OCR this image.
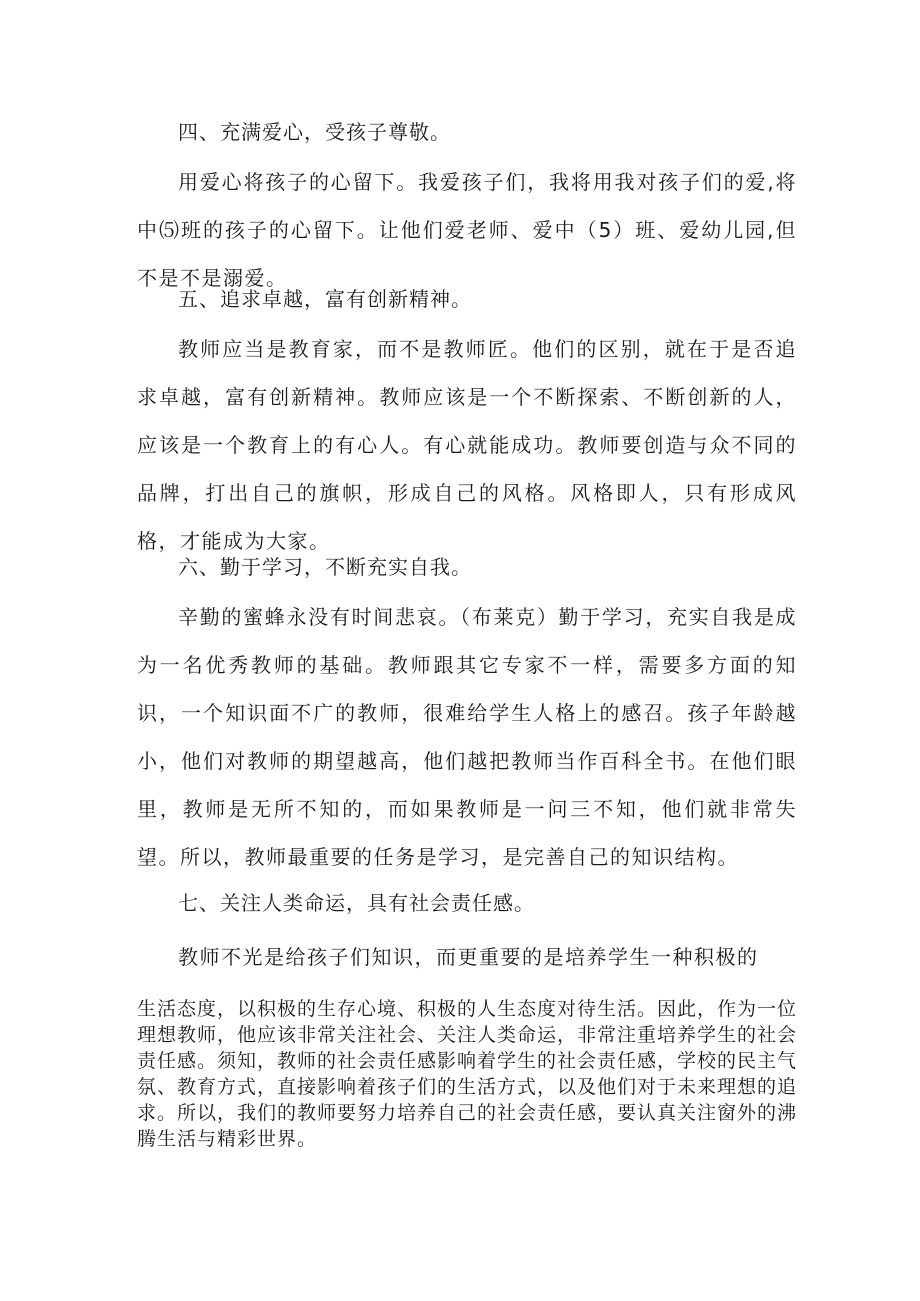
四、充满爱心，受孩子尊敬。

用爱心将孩子的心留下。我爱孩子们，我将用我对孩子们的爱,将中⑸班的孩子的心留下。让他们爱老师、爱中（5）班、爱幼儿园,但不是不是溺爱。

五、追求卓越，富有创新精神。

教师应当是教育家，而不是教师匠。他们的区别，就在于是否追求卓越，富有创新精神。教师应该是一个不断探索、不断创新的人，应该是一个教育上的有心人。有心就能成功。教师要创造与众不同的品牌，打出自己的旗帜，形成自己的风格。风格即人，只有形成风格，才能成为大家。

六、勤于学习，不断充实自我。

辛勤的蜜蜂永没有时间悲哀。（布莱克）勤于学习，充实自我是成为一名优秀教师的基础。教师跟其它专家不一样，需要多方面的知识，一个知识面不广的教师，很难给学生人格上的感召。孩子年龄越小，他们对教师的期望越高，他们越把教师当作百科全书。在他们眼里，教师是无所不知的，而如果教师是一问三不知，他们就非常失望。所以，教师最重要的任务是学习，是完善自己的知识结构。

七、关注人类命运，具有社会责任感。

教师不光是给孩子们知识，而更重要的是培养学生一种积极的

生活态度，以积极的生存心境、积极的人生态度对待生活。因此，作为一位理想教师，他应该非常关注社会、关注人类命运，非常注重培养学生的社会责任感。须知，教师的社会责任感影响着学生的社会责任感，学校的民主气氛、教育方式，直接影响着孩子们的生活方式，以及他们对于未来理想的追求。所以，我们的教师要努力培养自己的社会责任感，要认真关注窗外的沸腾生活与精彩世界。
